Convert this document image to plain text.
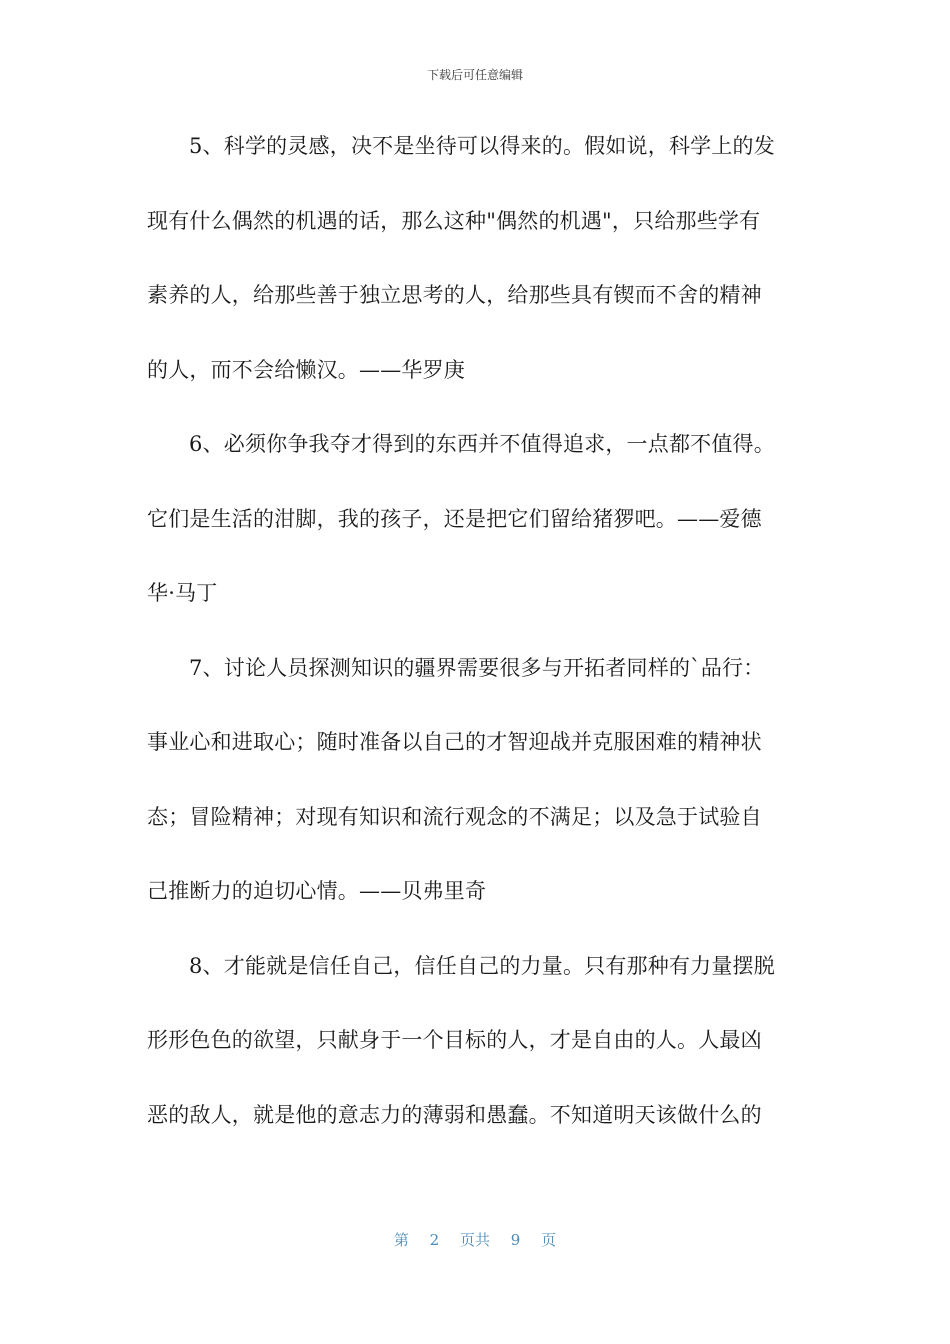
下载后可任意编辑
5、科学的灵感，决不是坐待可以得来的。假如说，科学上的发
现有什么偶然的机遇的话，那么这种"偶然的机遇"，只给那些学有
素养的人，给那些善于独立思考的人，给那些具有锲而不舍的精神
的人，而不会给懒汉。——华罗庚
6、必须你争我夺才得到的东西并不值得追求，一点都不值得。
它们是生活的泔脚，我的孩子，还是把它们留给猪猡吧。——爱德
华·马丁
7、讨论人员探测知识的疆界需要很多与开拓者同样的`品行：
事业心和进取心；随时准备以自己的才智迎战并克服困难的精神状
态；冒险精神；对现有知识和流行观念的不满足；以及急于试验自
己推断力的迫切心情。——贝弗里奇
8、才能就是信任自己，信任自己的力量。只有那种有力量摆脱
形形色色的欲望，只献身于一个目标的人，才是自由的人。人最凶
恶的敌人，就是他的意志力的薄弱和愚蠢。不知道明天该做什么的
第 2 页共 9 页
